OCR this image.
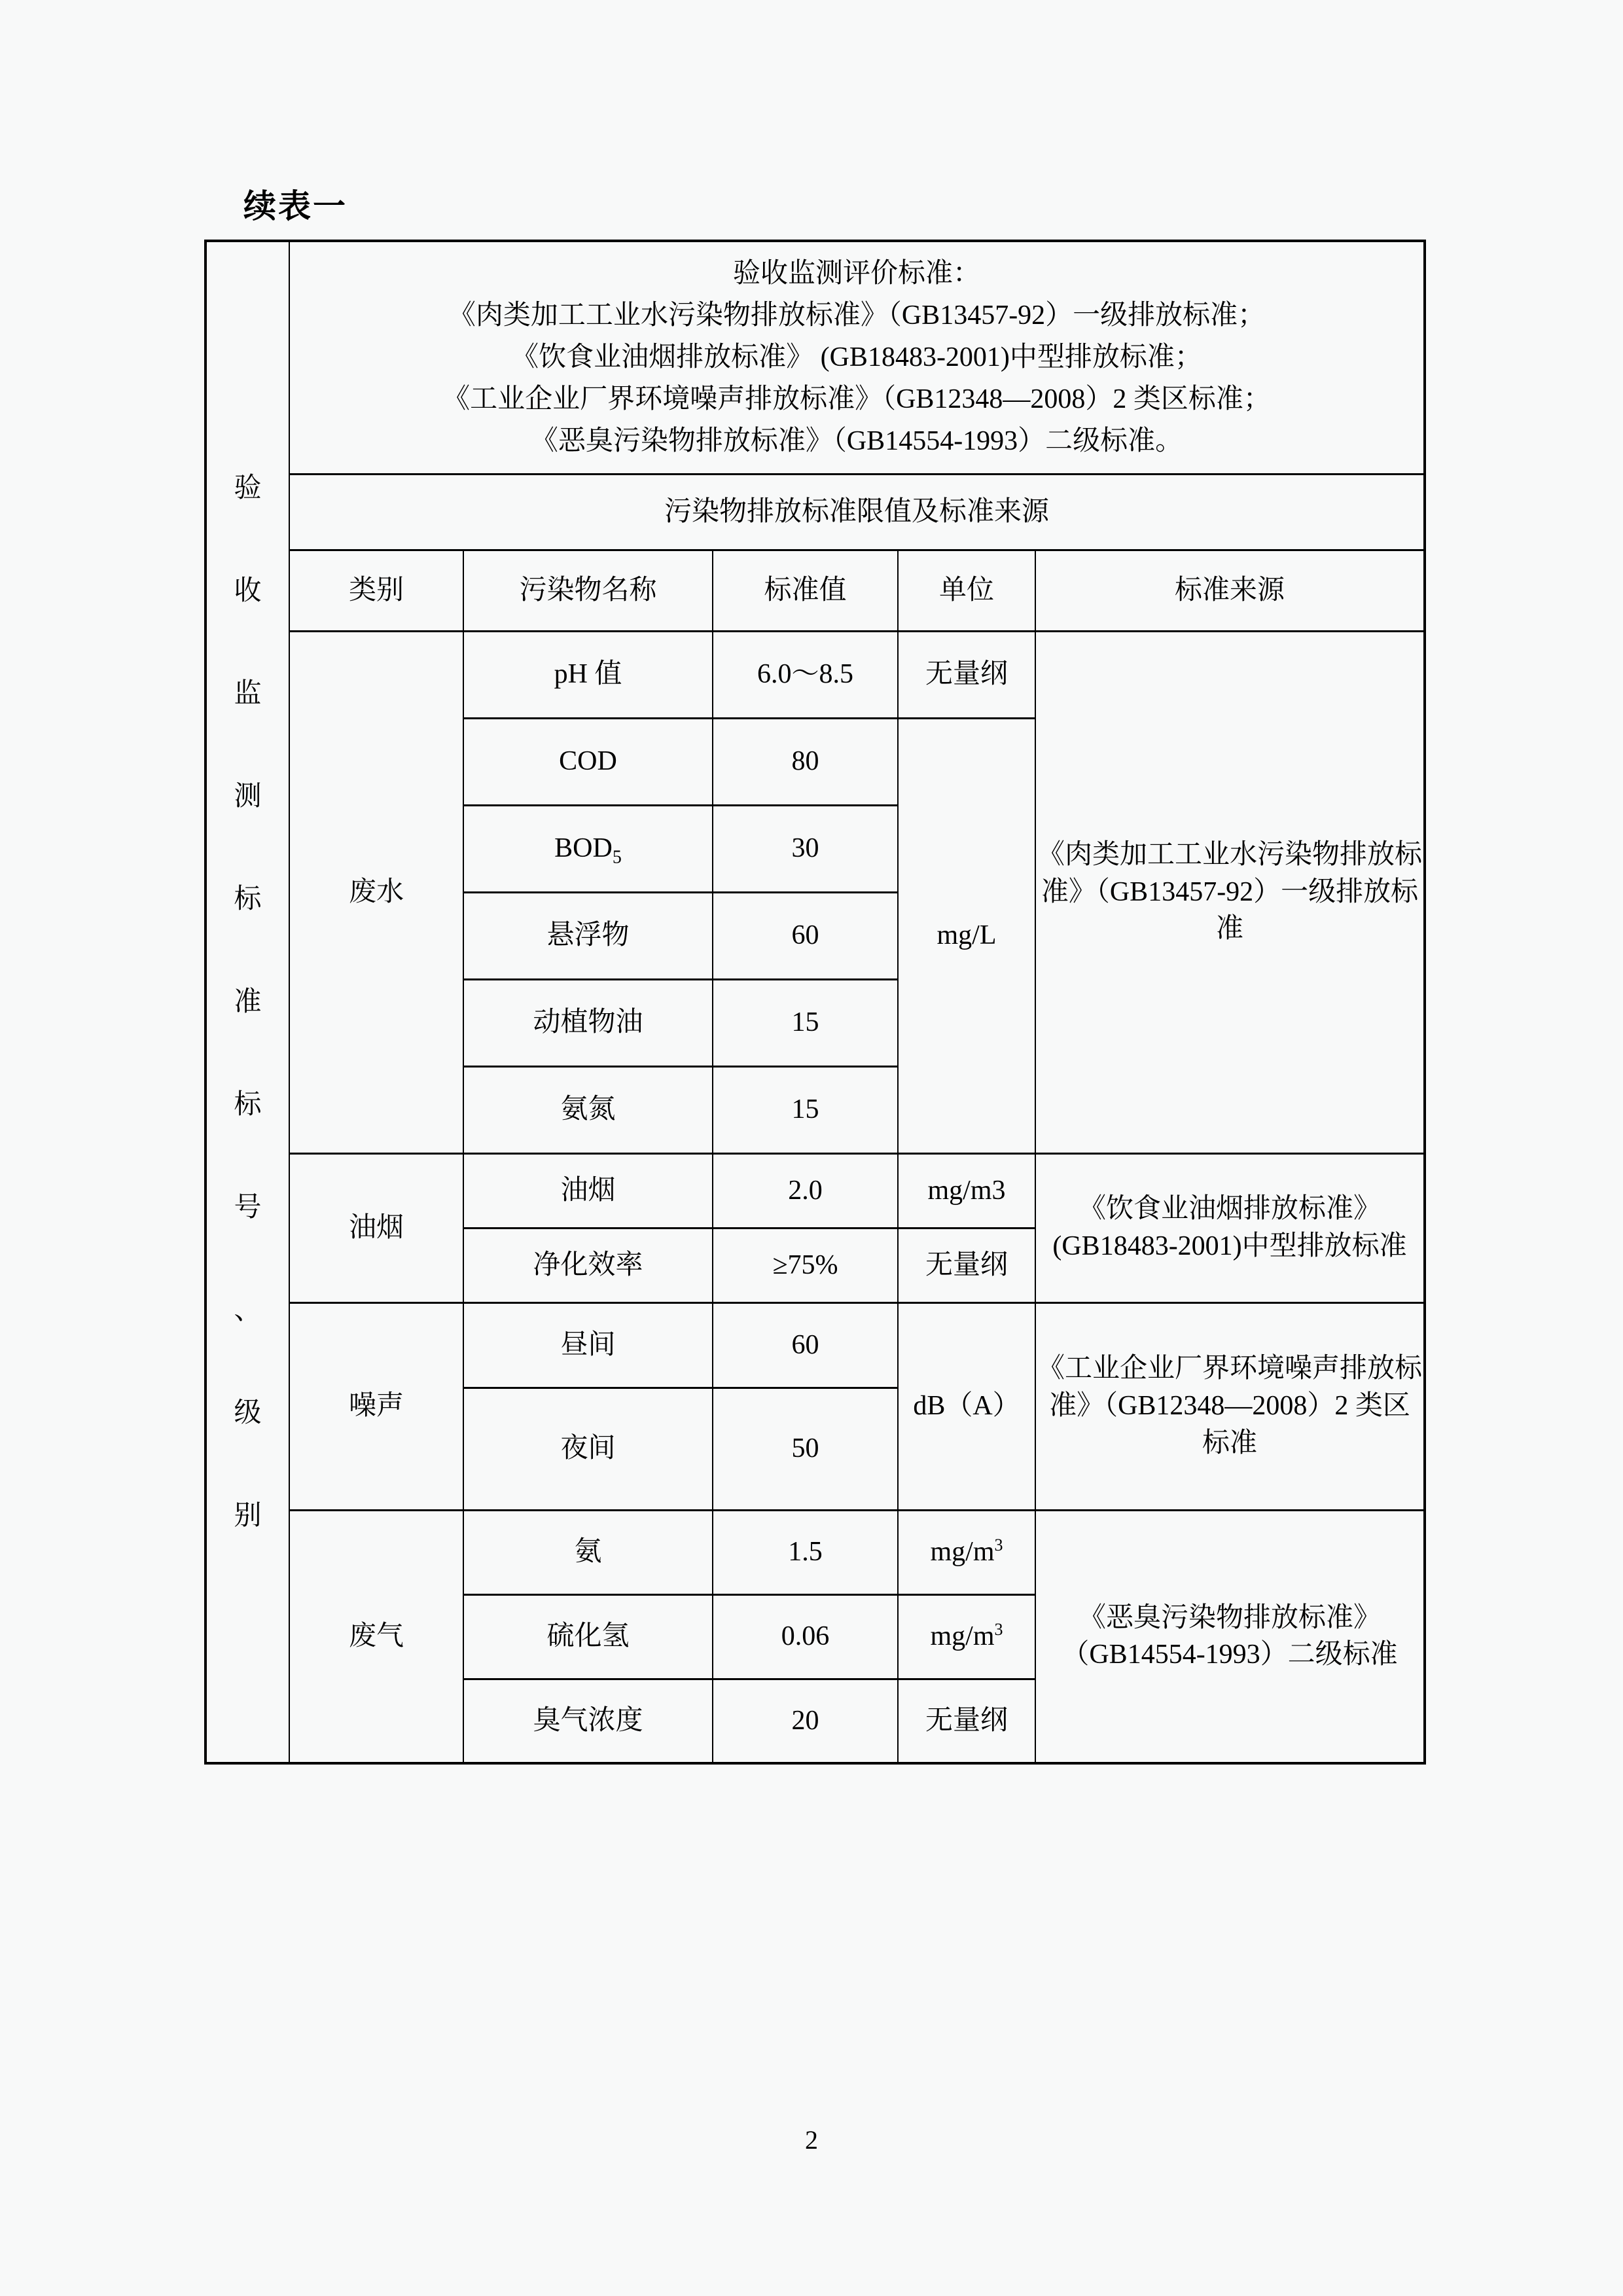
续表一
验
收
监
测
标
准
标
号
、
级
别

验收监测评价标准：
《肉类加工工业水污染物排放标准》（GB13457-92）一级排放标准；
《饮食业油烟排放标准》 (GB18483-2001)中型排放标准；
《工业企业厂界环境噪声排放标准》（GB12348—2008）2 类区标准；
《恶臭污染物排放标准》（GB14554-1993）二级标准。

	污染物排放标准限值及标准来源				
	类别	污染物名称	标准值	单位	标准来源
	废水	pH 值	6.0～8.5	无量纲	《肉类加工工业水污染物排放标准》（GB13457-92）一级排放标准
		COD	80	mg/L	
		$BOD_5$	30		
		悬浮物	60		
		动植物油	15		
		氨氮	15		
	油烟	油烟	2.0	mg/m3	《饮食业油烟排放标准》 (GB18483-2001)中型排放标准
		净化效率	≥75%	无量纲	
	噪声	昼间	60	dB（A）	《工业企业厂界环境噪声排放标准》（GB12348—2008）2 类区标准
		夜间	50		
	废气	氨	1.5	$mg/m^3$	《恶臭污染物排放标准》（GB14554-1993）二级标准
		硫化氢	0.06	$mg/m^3$
		臭气浓度	20	无量纲	
2
